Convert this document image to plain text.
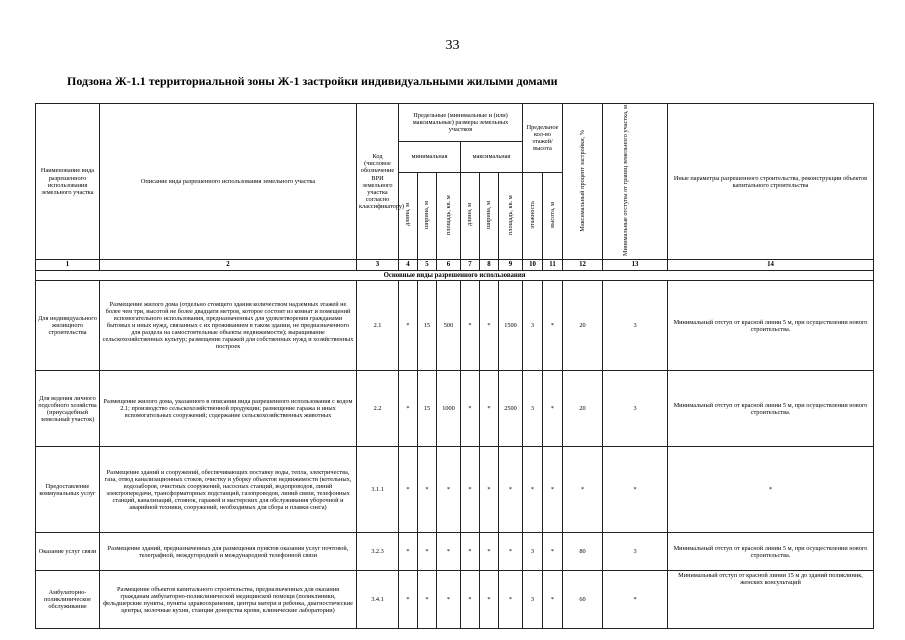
33
Подзона Ж-1.1 территориальной зоны Ж-1 застройки индивидуальными жилыми домами
Наименование вида разрешенного использования земельного участка	Описание вида разрешенного использования земельного участка	Код (числовое обозначение ВРИ земельного участка согласно классификатору)	Предельные (минимальные и (или) максимальные) размеры земельных участков						Предельное кол-во этажей/ высота		Максимальный процент застройки, %	Минимальные отступы от границ земельного участка, м	Иные параметры разрешенного строительства, реконструкции объектов капитального строительства
			минимальная			максимальная							
			длина, м	ширина, м	площадь, кв. м	длина, м	ширина, м	площадь, кв. м	этажность	высота, м			
1	2	3	4	5	6	7	8	9	10	11	12	13	14
Основные виды разрешенного использования													
Для индивидуального жилищного строительства	Размещение жилого дома (отдельно стоящего здания количеством надземных этажей не более чем три, высотой не более двадцати метров, которое состоит из комнат и помещений вспомогательного использования, предназначенных для удовлетворения гражданами бытовых и иных нужд, связанных с их проживанием в таком здании, не предназначенного для раздела на самостоятельные объекты недвижимости); выращивание сельскохозяйственных культур; размещение гаражей для собственных нужд и хозяйственных построек	2.1	*	15	500	*	*	1500	3	*	20	3	Минимальный отступ от красной линии 5 м, при осуществлении нового строительства.
Для ведения личного подсобного хозяйства (приусадебный земельный участок)	Размещение жилого дома, указанного в описании вида разрешенного использования с кодом 2.1; производство сельскохозяйственной продукции; размещение гаража и иных вспомогательных сооружений; содержание сельскохозяйственных животных	2.2	*	15	1000	*	*	2500	3	*	20	3	Минимальный отступ от красной линии 5 м, при осуществлении нового строительства.
Предоставление коммунальных услуг	Размещение зданий и сооружений, обеспечивающих поставку воды, тепла, электричества, газа, отвод канализационных стоков, очистку и уборку объектов недвижимости (котельных, водозаборов, очистных сооружений, насосных станций, водопроводов, линий электропередачи, трансформаторных подстанций, газопроводов, линий связи, телефонных станций, канализаций, стоянок, гаражей и мастерских для обслуживания уборочной и аварийной техники, сооружений, необходимых для сбора и плавки снега)	3.1.1	*	*	*	*	*	*	*	*	*	*	*
Оказание услуг связи	Размещение зданий, предназначенных для размещения пунктов оказания услуг почтовой, телеграфной, междугородней и международной телефонной связи	3.2.3	*	*	*	*	*	*	3	*	80	3	Минимальный отступ от красной линии 5 м, при осуществлении нового строительства.
Амбулаторно-поликлиническое обслуживание	Размещение объектов капитального строительства, предназначенных для оказания гражданам амбулаторно-поликлинической медицинской помощи (поликлиники, фельдшерские пункты, пункты здравоохранения, центры матери и ребенка, диагностические центры, молочные кухни, станции донорства крови, клинические лаборатории)	3.4.1	*	*	*	*	*	*	3	*	60	*	Минимальный отступ от красной линии 15 м до зданий поликлиник, женских консультаций
